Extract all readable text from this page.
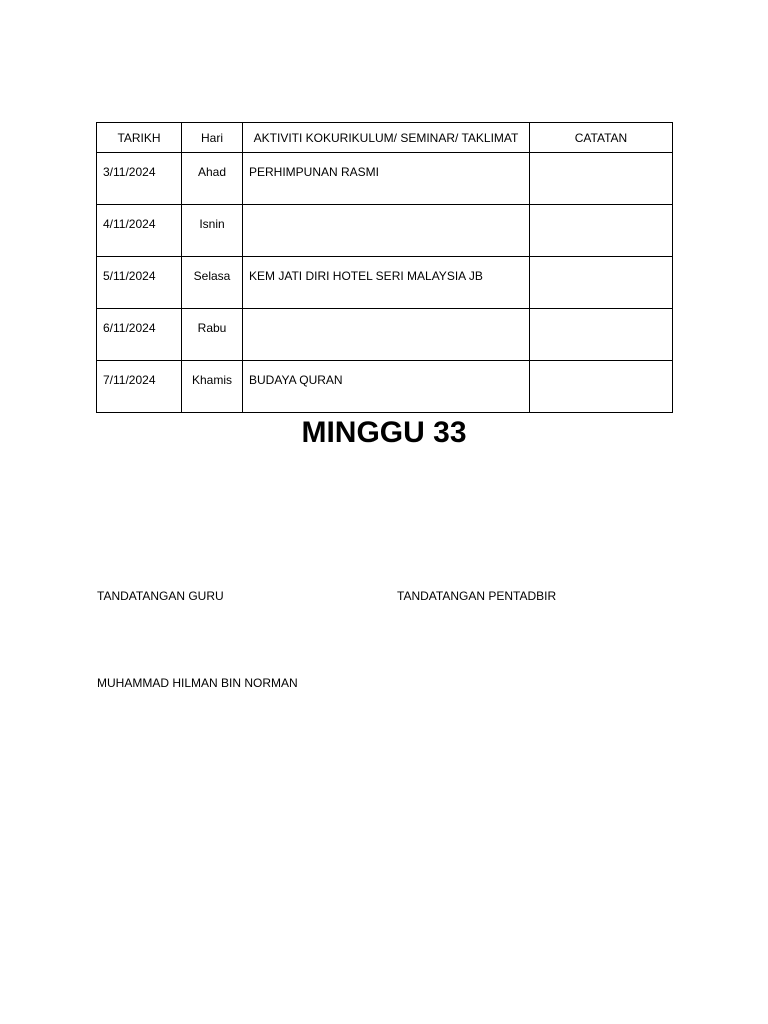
TARIKH	Hari	AKTIVITI KOKURIKULUM/ SEMINAR/ TAKLIMAT	CATATAN
3/11/2024	Ahad	PERHIMPUNAN RASMI	
4/11/2024	Isnin		
5/11/2024	Selasa	KEM JATI DIRI HOTEL SERI MALAYSIA JB	
6/11/2024	Rabu		
7/11/2024	Khamis	BUDAYA QURAN	
MINGGU 33

TANDATANGAN GURU	TANDATANGAN PENTADBIR

MUHAMMAD HILMAN BIN NORMAN
